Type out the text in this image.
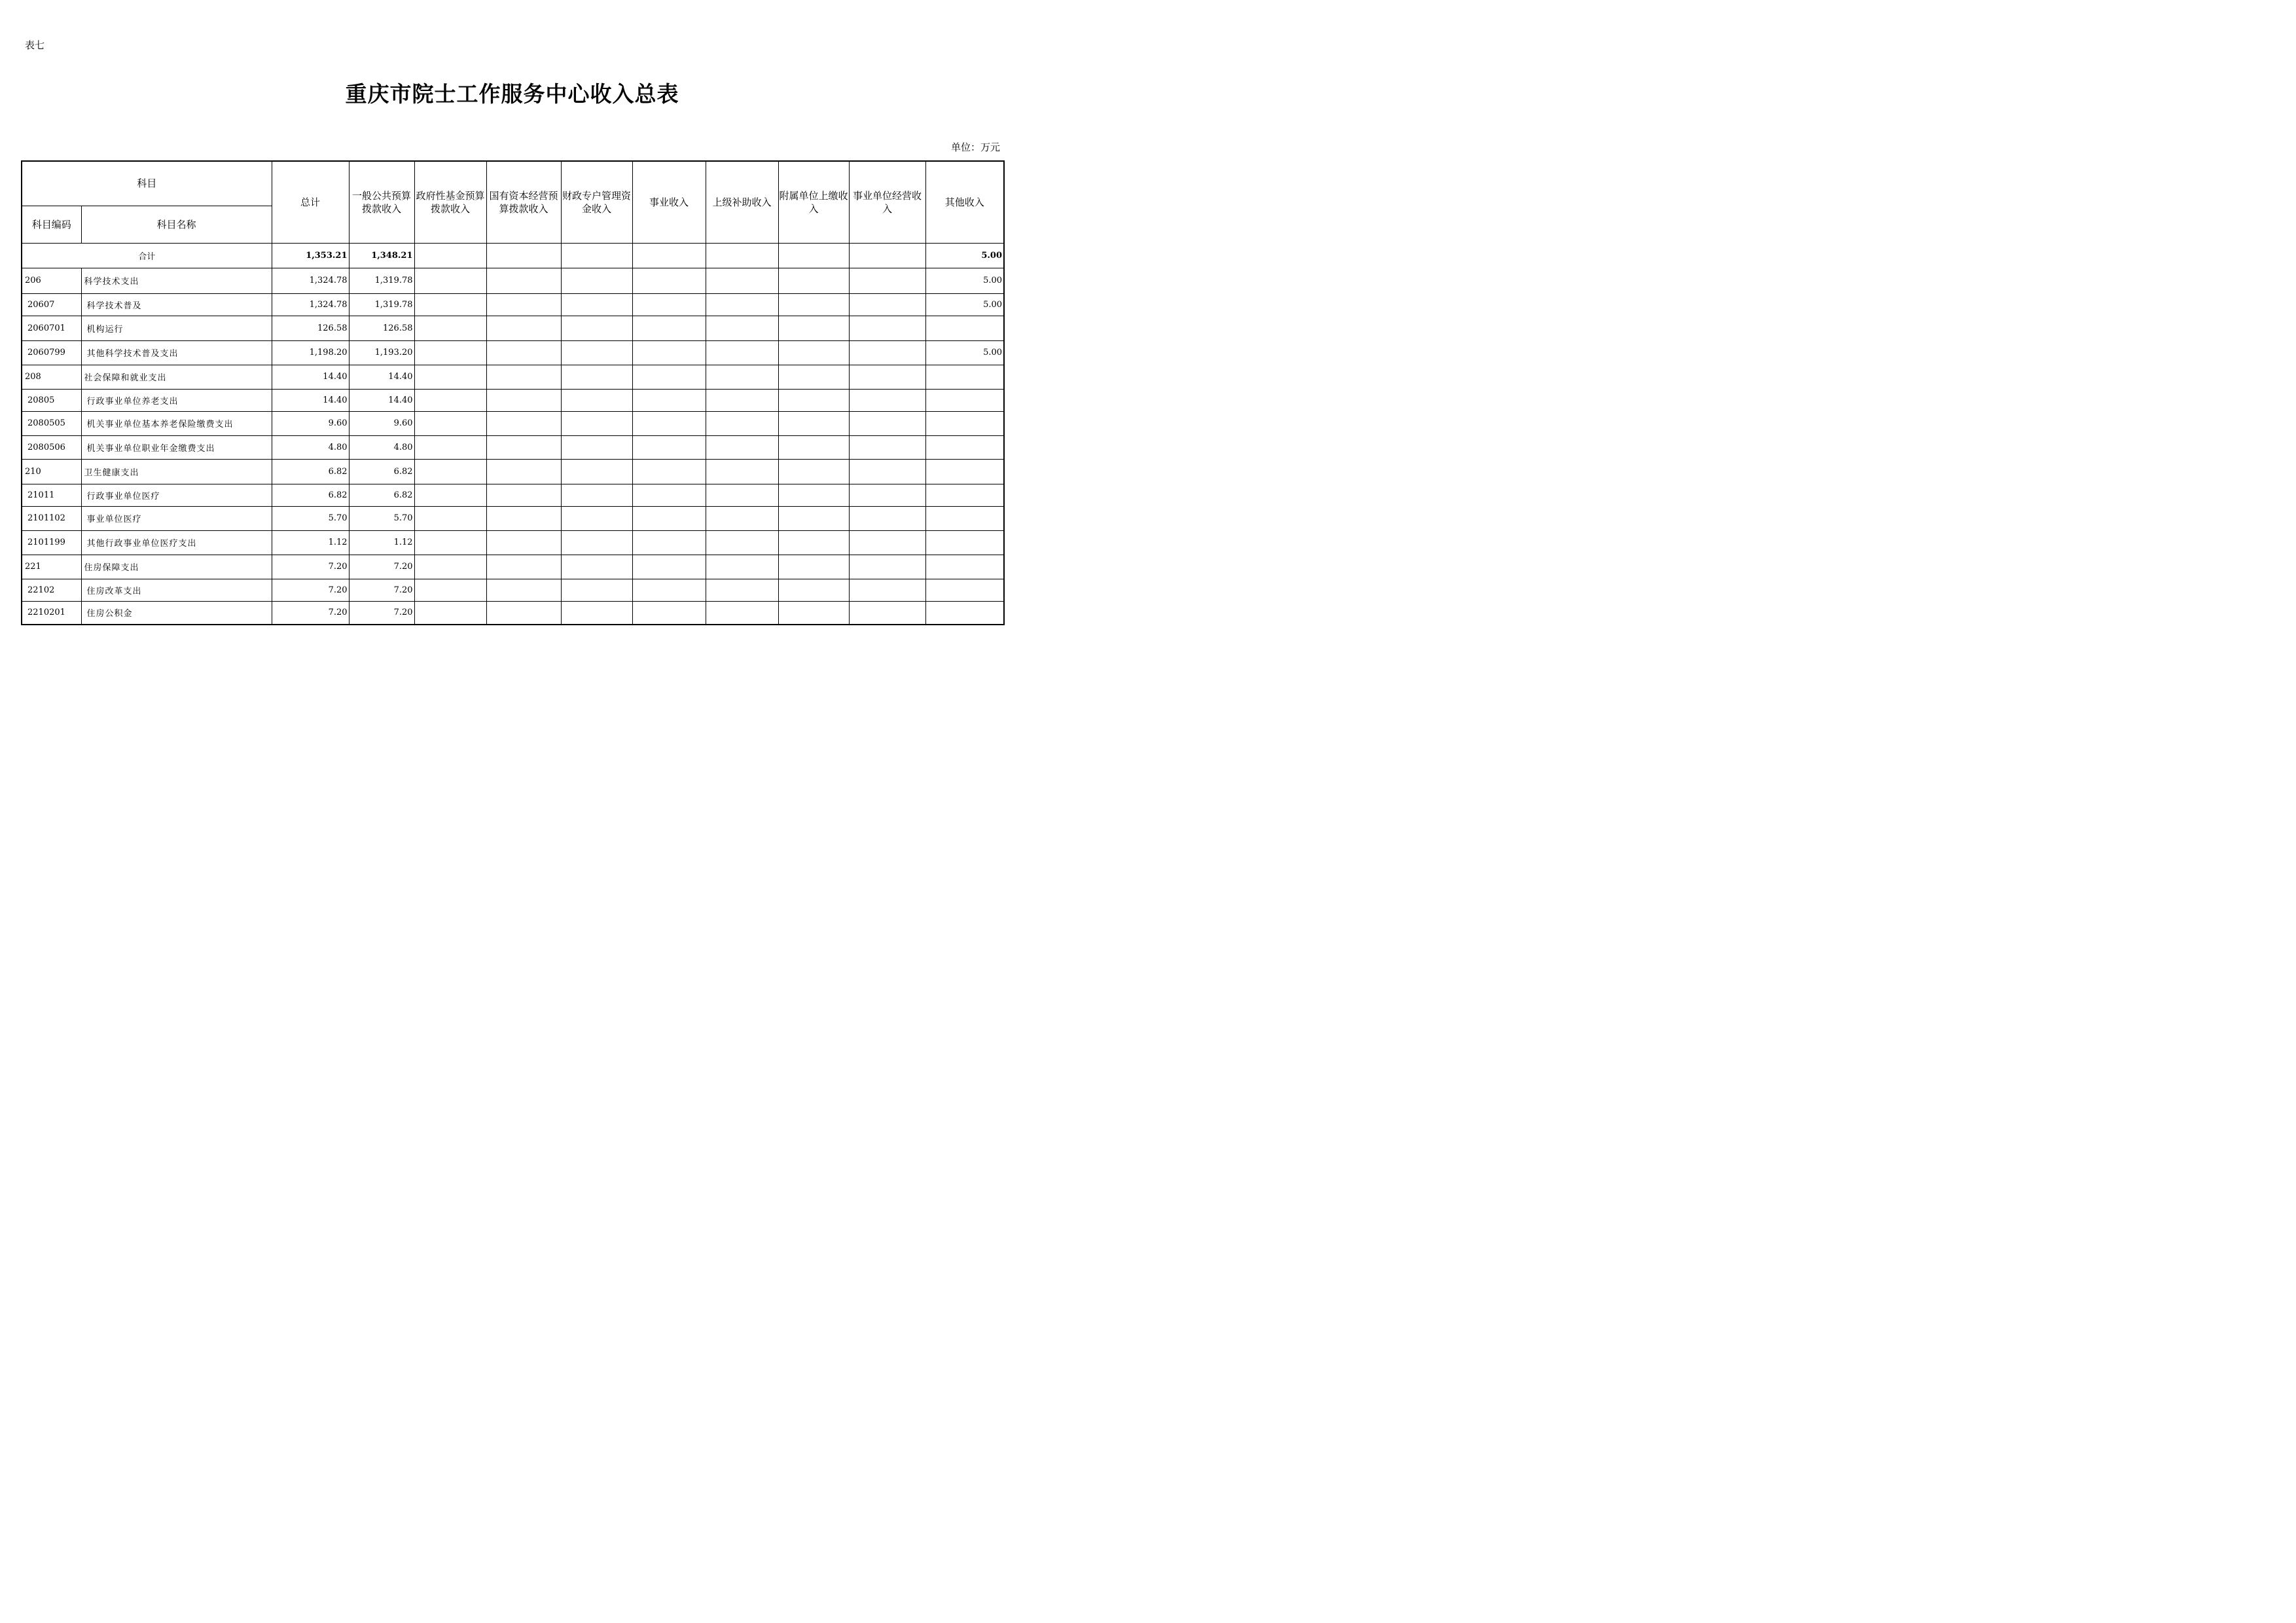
表七
重庆市院士工作服务中心收入总表
单位：万元
科目		总计	一般公共预算拨款收入	政府性基金预算拨款收入	国有资本经营预算拨款收入	财政专户管理资金收入	事业收入	上级补助收入	附属单位上缴收入	事业单位经营收入	其他收入
科目编码	科目名称										
合计		1,353.21	1,348.21								5.00
206	科学技术支出	1,324.78	1,319.78								5.00
20607	科学技术普及	1,324.78	1,319.78								5.00
2060701	机构运行	126.58	126.58								
2060799	其他科学技术普及支出	1,198.20	1,193.20								5.00
208	社会保障和就业支出	14.40	14.40								
20805	行政事业单位养老支出	14.40	14.40								
2080505	机关事业单位基本养老保险缴费支出	9.60	9.60								
2080506	机关事业单位职业年金缴费支出	4.80	4.80								
210	卫生健康支出	6.82	6.82								
21011	行政事业单位医疗	6.82	6.82								
2101102	事业单位医疗	5.70	5.70								
2101199	其他行政事业单位医疗支出	1.12	1.12								
221	住房保障支出	7.20	7.20								
22102	住房改革支出	7.20	7.20								
2210201	住房公积金	7.20	7.20								
